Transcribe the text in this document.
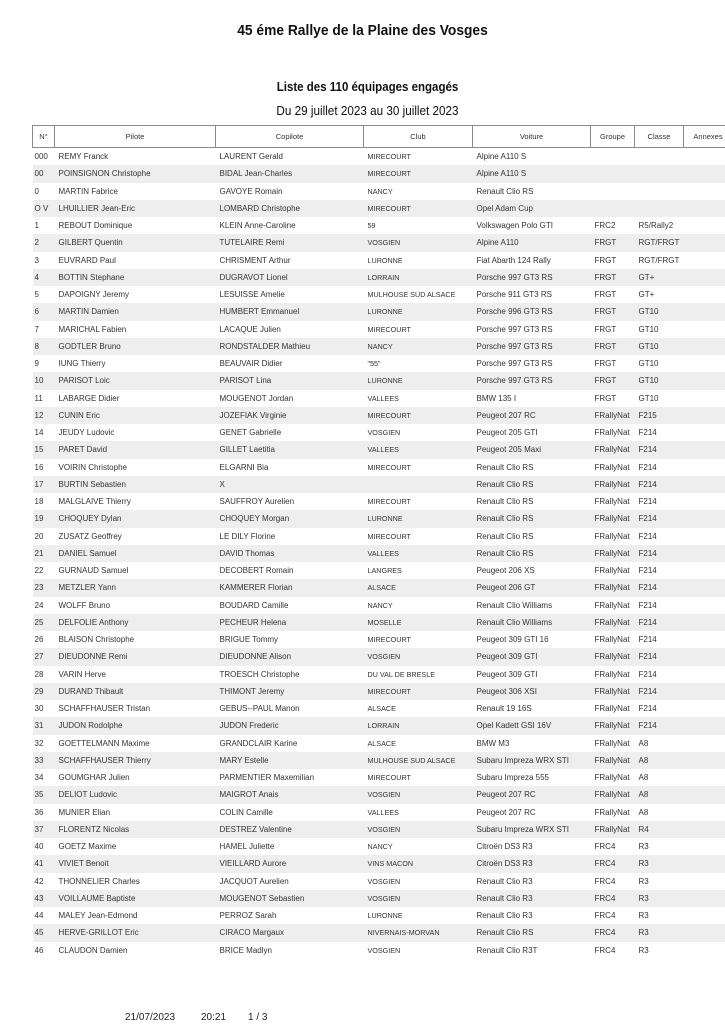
45 éme Rallye de la Plaine des Vosges
Liste des 110 équipages engagés
Du 29 juillet 2023 au 30 juillet 2023
N°	Pilote	Copilote	Club	Voiture	Groupe	Classe	Annexes
000	REMY Franck	LAURENT Gerald	MIRECOURT	Alpine A110 S			
00	POINSIGNON Christophe	BIDAL Jean-Charles	MIRECOURT	Alpine A110 S			
0	MARTIN Fabrice	GAVOYE Romain	NANCY	Renault Clio RS			
O V	LHUILLIER Jean-Eric	LOMBARD Christophe	MIRECOURT	Opel Adam Cup			
1	REBOUT Dominique	KLEIN Anne-Caroline	59	Volkswagen Polo GTI	FRC2	R5/Rally2	
2	GILBERT Quentin	TUTELAIRE Remi	VOSGIEN	Alpine A110	FRGT	RGT/FRGT	
3	EUVRARD Paul	CHRISMENT Arthur	LURONNE	Fiat Abarth 124 Rally	FRGT	RGT/FRGT	
4	BOTTIN Stephane	DUGRAVOT Lionel	LORRAIN	Porsche 997 GT3 RS	FRGT	GT+	
5	DAPOIGNY Jeremy	LESUISSE Amelie	MULHOUSE SUD ALSACE	Porsche 911 GT3 RS	FRGT	GT+	
6	MARTIN Damien	HUMBERT Emmanuel	LURONNE	Porsche 996 GT3 RS	FRGT	GT10	
7	MARICHAL Fabien	LACAQUE Julien	MIRECOURT	Porsche 997 GT3 RS	FRGT	GT10	
8	GODTLER Bruno	RONDSTALDER Mathieu	NANCY	Porsche 997 GT3 RS	FRGT	GT10	
9	IUNG Thierry	BEAUVAIR Didier	"55"	Porsche 997 GT3 RS	FRGT	GT10	
10	PARISOT Loic	PARISOT Lina	LURONNE	Porsche 997 GT3 RS	FRGT	GT10	
11	LABARGE Didier	MOUGENOT Jordan	VALLEES	BMW 135 I	FRGT	GT10	
12	CUNIN Eric	JOZEFIAK Virginie	MIRECOURT	Peugeot 207 RC	FRallyNat	F215	
14	JEUDY Ludovic	GENET Gabrielle	VOSGIEN	Peugeot 205 GTI	FRallyNat	F214	
15	PARET David	GILLET Laetitia	VALLEES	Peugeot 205 Maxi	FRallyNat	F214	
16	VOIRIN Christophe	ELGARNI Bia	MIRECOURT	Renault Clio RS	FRallyNat	F214	
17	BURTIN Sebastien	X		Renault Clio RS	FRallyNat	F214	
18	MALGLAIVE Thierry	SAUFFROY Aurelien	MIRECOURT	Renault Clio RS	FRallyNat	F214	
19	CHOQUEY Dylan	CHOQUEY Morgan	LURONNE	Renault Clio RS	FRallyNat	F214	
20	ZUSATZ Geoffrey	LE DILY Florine	MIRECOURT	Renault Clio RS	FRallyNat	F214	
21	DANIEL Samuel	DAVID Thomas	VALLEES	Renault Clio RS	FRallyNat	F214	
22	GURNAUD Samuel	DECOBERT Romain	LANGRES	Peugeot 206 XS	FRallyNat	F214	
23	METZLER Yann	KAMMERER Florian	ALSACE	Peugeot 206 GT	FRallyNat	F214	
24	WOLFF Bruno	BOUDARD Camille	NANCY	Renault Clio Williams	FRallyNat	F214	
25	DELFOLIE Anthony	PECHEUR Helena	MOSELLE	Renault Clio Williams	FRallyNat	F214	
26	BLAISON Christophe	BRIGUE Tommy	MIRECOURT	Peugeot 309 GTI 16	FRallyNat	F214	
27	DIEUDONNE Remi	DIEUDONNE Alison	VOSGIEN	Peugeot 309 GTI	FRallyNat	F214	
28	VARIN Herve	TROESCH Christophe	DU VAL DE BRESLE	Peugeot 309 GTI	FRallyNat	F214	
29	DURAND Thibault	THIMONT Jeremy	MIRECOURT	Peugeot 306 XSI	FRallyNat	F214	
30	SCHAFFHAUSER Tristan	GEBUS--PAUL Manon	ALSACE	Renault 19 16S	FRallyNat	F214	
31	JUDON Rodolphe	JUDON Frederic	LORRAIN	Opel Kadett GSI 16V	FRallyNat	F214	
32	GOETTELMANN Maxime	GRANDCLAIR Karine	ALSACE	BMW M3	FRallyNat	A8	
33	SCHAFFHAUSER Thierry	MARY Estelle	MULHOUSE SUD ALSACE	Subaru Impreza WRX STI	FRallyNat	A8	
34	GOUMGHAR Julien	PARMENTIER Maxemilian	MIRECOURT	Subaru Impreza 555	FRallyNat	A8	
35	DELIOT Ludovic	MAIGROT Anais	VOSGIEN	Peugeot 207 RC	FRallyNat	A8	
36	MUNIER Elian	COLIN Camille	VALLEES	Peugeot 207 RC	FRallyNat	A8	
37	FLORENTZ Nicolas	DESTREZ Valentine	VOSGIEN	Subaru Impreza WRX STI	FRallyNat	R4	
40	GOETZ Maxime	HAMEL Juliette	NANCY	Citroën DS3 R3	FRC4	R3	
41	VIVIET Benoit	VIEILLARD Aurore	VINS MACON	Citroën DS3 R3	FRC4	R3	
42	THONNELIER Charles	JACQUOT Aurelien	VOSGIEN	Renault Clio R3	FRC4	R3	
43	VOILLAUME Baptiste	MOUGENOT Sebastien	VOSGIEN	Renault Clio R3	FRC4	R3	
44	MALEY Jean-Edmond	PERROZ Sarah	LURONNE	Renault Clio R3	FRC4	R3	
45	HERVE-GRILLOT Eric	CIRACO Margaux	NIVERNAIS-MORVAN	Renault Clio RS	FRC4	R3	
46	CLAUDON Damien	BRICE Madlyn	VOSGIEN	Renault Clio R3T	FRC4	R3	
21/07/2023	20:21 1 / 3
